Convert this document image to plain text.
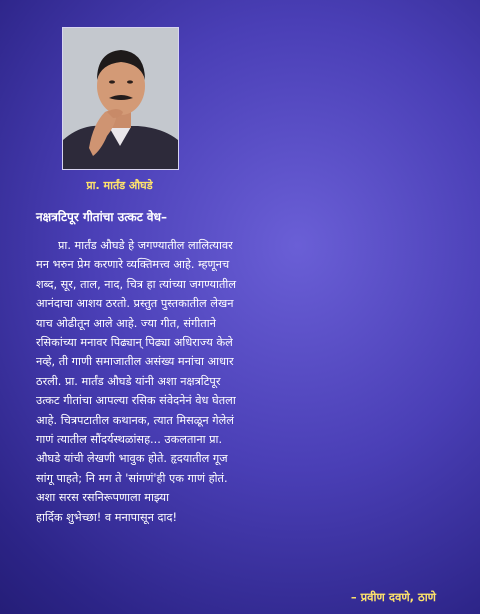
प्रा. मार्तंड औघडे
नक्षत्रटिपूर गीतांचा उत्कट वेध–
प्रा. मार्तंड औघडे हे जगण्यातील लालित्यावर
मन भरुन प्रेम करणारे व्यक्तिमत्त्व आहे. म्हणूनच
शब्द, सूर, ताल, नाद, चित्र हा त्यांच्या जगण्यातील
आनंदाचा आशय ठरतो. प्रस्तुत पुस्तकातील लेखन
याच ओढीतून आले आहे. ज्या गीत, संगीताने
रसिकांच्या मनावर पिढ्यान् पिढ्या अधिराज्य केले
नव्हे, ती गाणी समाजातील असंख्य मनांचा आधार
ठरली. प्रा. मार्तंड औघडे यांनी अशा नक्षत्रटिपूर
उत्कट गीतांचा आपल्या रसिक संवेदनेनं वेध घेतला
आहे. चित्रपटातील कथानक, त्यात मिसळून गेलेलं
गाणं त्यातील सौंदर्यस्थळांसह... उकलताना प्रा.
औघडे यांची लेखणी भावुक होते. हृदयातील गूज
सांगू पाहते; नि मग ते 'सांगणं'ही एक गाणं होतं.
अशा सरस रसनिरूपणाला माझ्या
हार्दिक शुभेच्छा! व मनापासून दाद!
– प्रवीण दवणे, ठाणे
